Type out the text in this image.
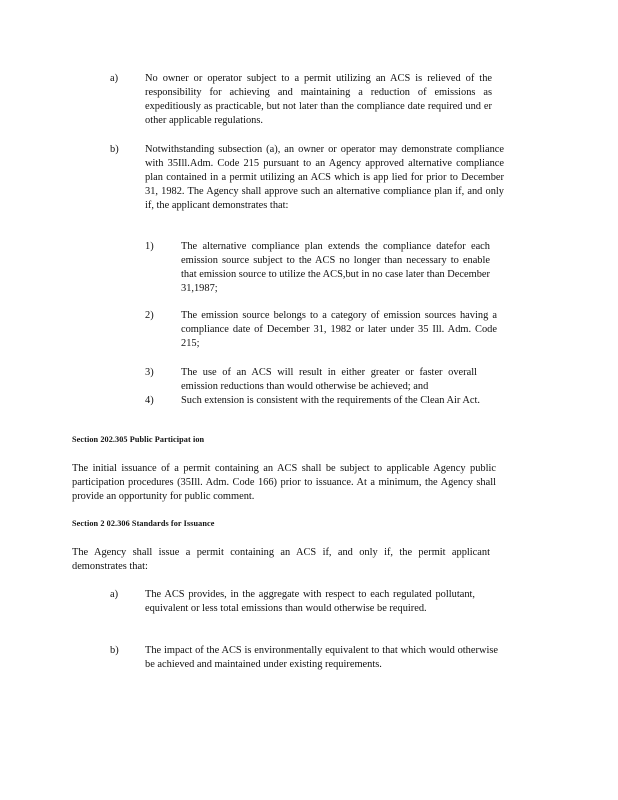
a)	No owner or operator subject to a permit utilizing an ACS is relieved of the responsibility for achieving and maintaining a reduction of emissions as expeditiously as practicable, but not later than the compliance date required und er other applicable regulations.

b)	Notwithstanding subsection (a), an owner or operator may demonstrate compliance with 35Ill.Adm. Code 215 pursuant to an Agency approved alternative compliance plan contained in a permit utilizing an ACS which is app lied for prior to December 31, 1982. The Agency shall approve such an alternative compliance plan if, and only if, the applicant demonstrates that:

1)	The alternative compliance plan extends the compliance datefor each emission source subject to the ACS no longer than necessary to enable that emission source to utilize the ACS,but in no case later than December 31,1987;

2)	The emission source belongs to a category of emission sources having a compliance date of December 31, 1982 or later under 35 Ill. Adm. Code 215;

3)	The use of an ACS will result in either greater or faster overall emission reductions than would otherwise be achieved; and

4)	Such extension is consistent with the requirements of the Clean Air Act.

Section 202.305 Public Participat ion

The initial issuance of a permit containing an ACS shall be subject to applicable Agency public participation procedures (35Ill. Adm. Code 166) prior to issuance. At a minimum, the Agency shall provide an opportunity for public comment.

Section 2 02.306 Standards for Issuance

The Agency shall issue a permit containing an ACS if, and only if, the permit applicant demonstrates that:

a)	The ACS provides, in the aggregate with respect to each regulated pollutant, equivalent or less total emissions than would otherwise be required.

b)	The impact of the ACS is environmentally equivalent to that which would otherwise be achieved and maintained under existing requirements.
